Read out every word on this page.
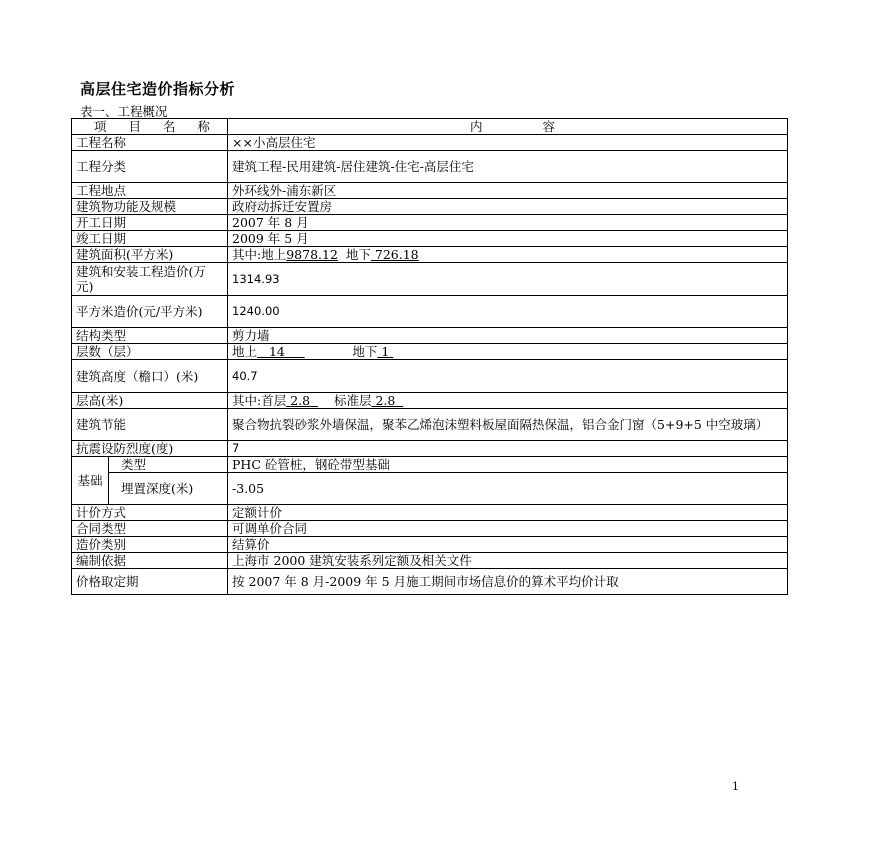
高层住宅造价指标分析
表一、工程概况
项 目 名 称		内 容
工程名称		××小高层住宅
工程分类		建筑工程-民用建筑-居住建筑-住宅-高层住宅
工程地点		外环线外-浦东新区
建筑物功能及规模		政府动拆迁安置房
开工日期		2007 年 8 月
竣工日期		2009 年 5 月
建筑面积(平方米)		其中:地上9878.12 地下 726.18
建筑和安装工程造价(万元)		1314.93
平方米造价(元/平方米)		1240.00
结构类型		剪力墙
层数（层）		地上 14 地下 1
建筑高度（檐口）(米)		40.7
层高(米)		其中:首层 2.8 标准层 2.8
建筑节能		聚合物抗裂砂浆外墙保温，聚苯乙烯泡沫塑料板屋面隔热保温，铝合金门窗（5+9+5 中空玻璃）
抗震设防烈度(度)		7
基础	类型	PHC 砼管桩，钢砼带型基础
	埋置深度(米)	-3.05
计价方式		定额计价
合同类型		可调单价合同
造价类别		结算价
编制依据		上海市 2000 建筑安装系列定额及相关文件
价格取定期		按 2007 年 8 月-2009 年 5 月施工期间市场信息价的算术平均价计取
1
